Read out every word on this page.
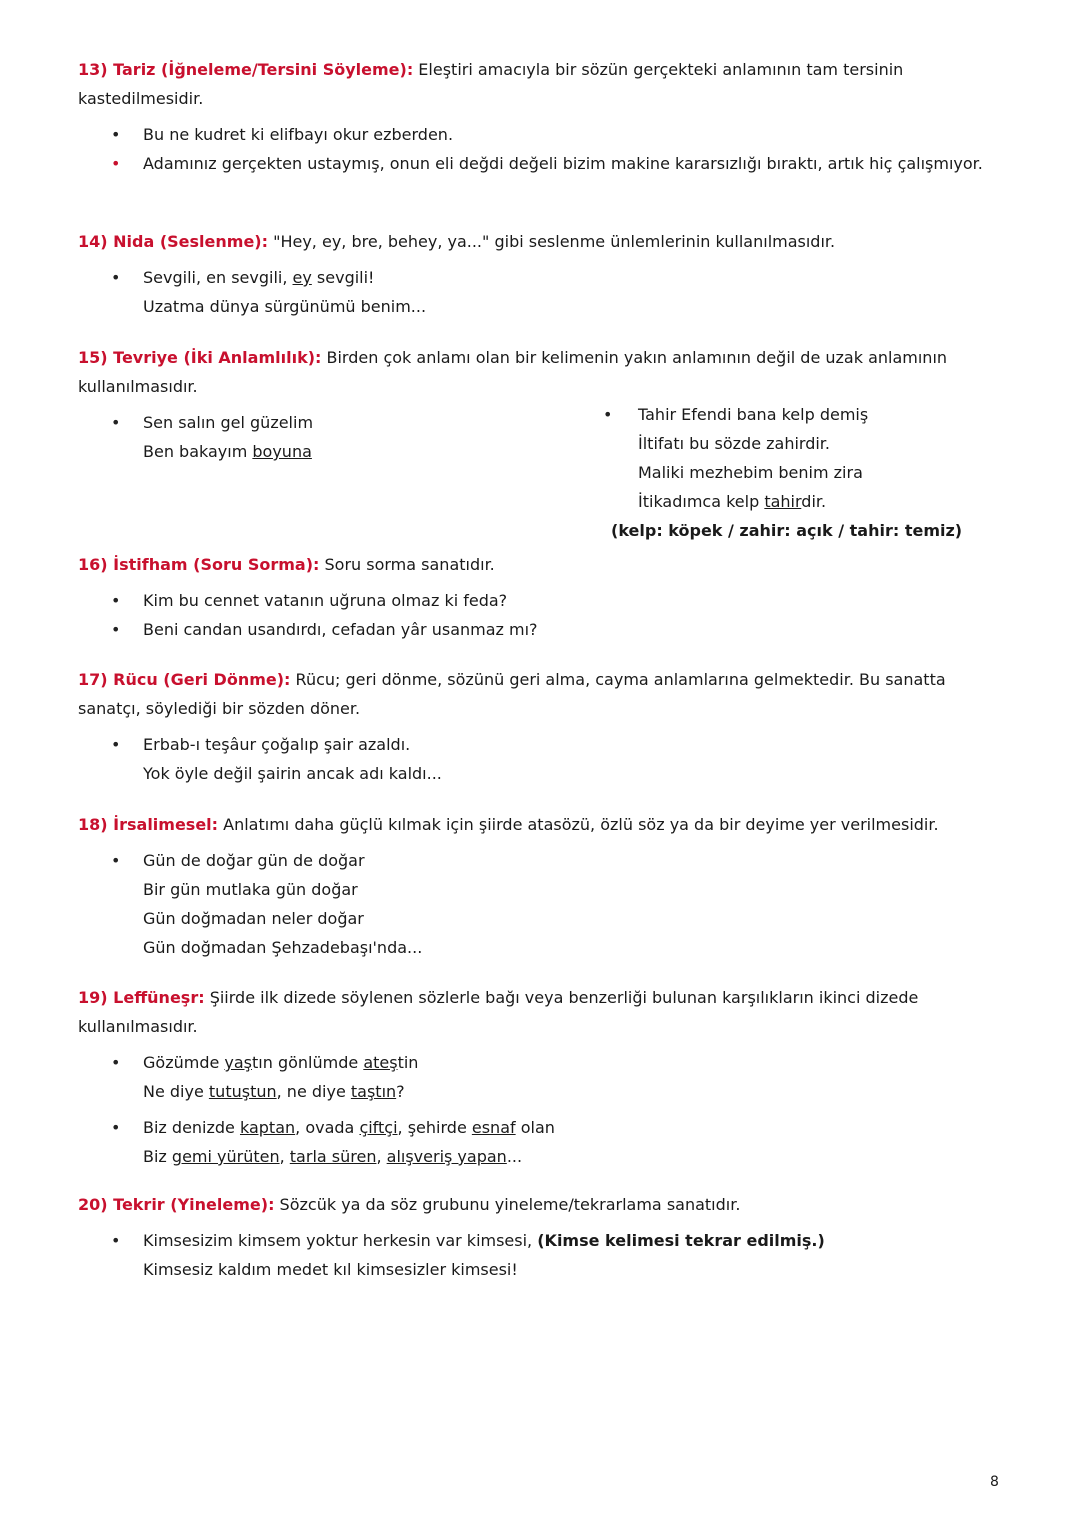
13) Tariz (İğneleme/Tersini Söyleme): Eleştiri amacıyla bir sözün gerçekteki anlamının tam tersinin kastedilmesidir.

• Bu ne kudret ki elifbayı okur ezberden.
• Adamınız gerçekten ustaymış, onun eli değdi değeli bizim makine kararsızlığı bıraktı, artık hiç çalışmıyor.

14) Nida (Seslenme): "Hey, ey, bre, behey, ya..." gibi seslenme ünlemlerinin kullanılmasıdır.

• Sevgili, en sevgili, ey sevgili!
Uzatma dünya sürgünümü benim...

15) Tevriye (İki Anlamlılık): Birden çok anlamı olan bir kelimenin yakın anlamının değil de uzak anlamının kullanılmasıdır.

• Sen salın gel güzelim
Ben bakayım boyuna
• Tahir Efendi bana kelp demiş
İltifatı bu sözde zahirdir.
Maliki mezhebim benim zira
İtikadımca kelp tahirdir.
(kelp: köpek / zahir: açık / tahir: temiz)

16) İstifham (Soru Sorma): Soru sorma sanatıdır.

• Kim bu cennet vatanın uğruna olmaz ki feda?
• Beni candan usandırdı, cefadan yâr usanmaz mı?

17) Rücu (Geri Dönme): Rücu; geri dönme, sözünü geri alma, cayma anlamlarına gelmektedir. Bu sanatta sanatçı, söylediği bir sözden döner.

• Erbab-ı teşâur çoğalıp şair azaldı.
Yok öyle değil şairin ancak adı kaldı...

18) İrsalimesel: Anlatımı daha güçlü kılmak için şiirde atasözü, özlü söz ya da bir deyime yer verilmesidir.

• Gün de doğar gün de doğar
Bir gün mutlaka gün doğar
Gün doğmadan neler doğar
Gün doğmadan Şehzadebaşı'nda...

19) Leffüneşr: Şiirde ilk dizede söylenen sözlerle bağı veya benzerliği bulunan karşılıkların ikinci dizede kullanılmasıdır.

• Gözümde yaştın gönlümde ateştin
Ne diye tutuştun, ne diye taştın?
• Biz denizde kaptan, ovada çiftçi, şehirde esnaf olan
Biz gemi yürüten, tarla süren, alışveriş yapan...

20) Tekrir (Yineleme): Sözcük ya da söz grubunu yineleme/tekrarlama sanatıdır.

• Kimsesizim kimsem yoktur herkesin var kimsesi, (Kimse kelimesi tekrar edilmiş.)
Kimsesiz kaldım medet kıl kimsesizler kimsesi!
8
